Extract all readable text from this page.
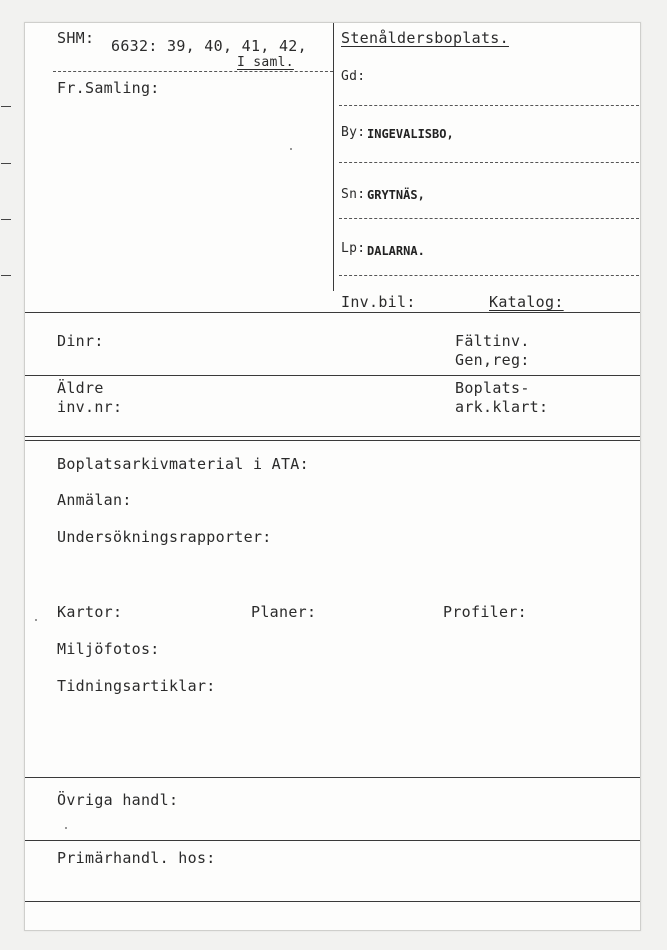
SHM: 6632: 39, 40, 41, 42,
I saml.
Fr.Samling:
Stenåldersboplats.
Gd:
By: INGEVALISBO,
Sn: GRYTNÄS,
Lp: DALARNA.
Inv.bil:	Katalog:
Dinr:	Fältinv.
Gen,reg:
Äldre
inv.nr:
Boplats-
ark.klart:
Boplatsarkivmaterial i ATA:
Anmälan:
Undersökningsrapporter:
Kartor:	Planer:	Profiler:
Miljöfotos:
Tidningsartiklar:
Övriga handl:
Primärhandl. hos:
